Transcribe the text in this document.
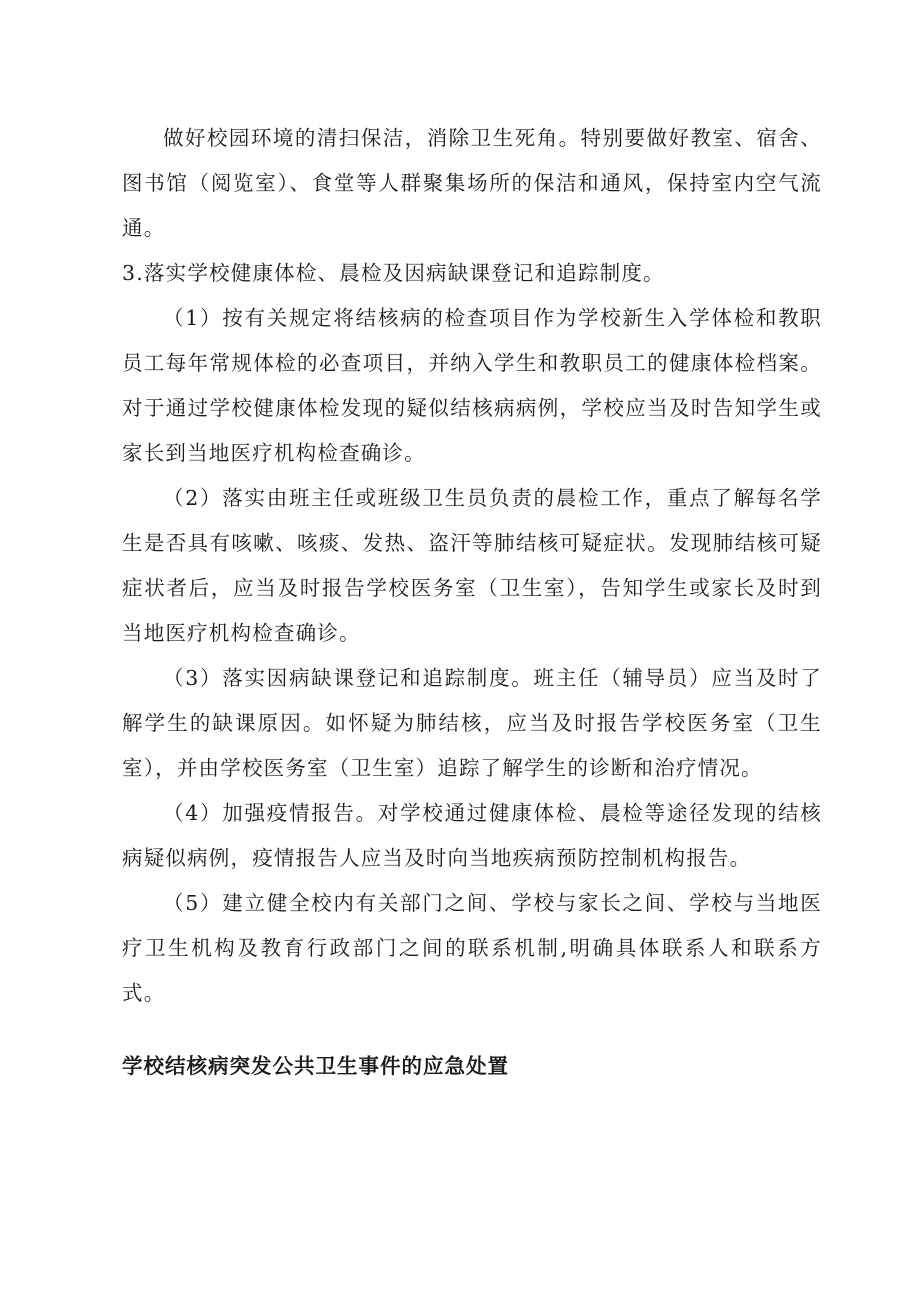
做好校园环境的清扫保洁，消除卫生死角。特别要做好教室、宿舍、图书馆（阅览室）、食堂等人群聚集场所的保洁和通风，保持室内空气流通。

3.落实学校健康体检、晨检及因病缺课登记和追踪制度。

（1）按有关规定将结核病的检查项目作为学校新生入学体检和教职员工每年常规体检的必查项目，并纳入学生和教职员工的健康体检档案。对于通过学校健康体检发现的疑似结核病病例，学校应当及时告知学生或家长到当地医疗机构检查确诊。

（2）落实由班主任或班级卫生员负责的晨检工作，重点了解每名学生是否具有咳嗽、咳痰、发热、盗汗等肺结核可疑症状。发现肺结核可疑症状者后，应当及时报告学校医务室（卫生室），告知学生或家长及时到当地医疗机构检查确诊。

（3）落实因病缺课登记和追踪制度。班主任（辅导员）应当及时了解学生的缺课原因。如怀疑为肺结核，应当及时报告学校医务室（卫生室），并由学校医务室（卫生室）追踪了解学生的诊断和治疗情况。

（4）加强疫情报告。对学校通过健康体检、晨检等途径发现的结核病疑似病例，疫情报告人应当及时向当地疾病预防控制机构报告。

（5）建立健全校内有关部门之间、学校与家长之间、学校与当地医疗卫生机构及教育行政部门之间的联系机制,明确具体联系人和联系方式。

学校结核病突发公共卫生事件的应急处置
